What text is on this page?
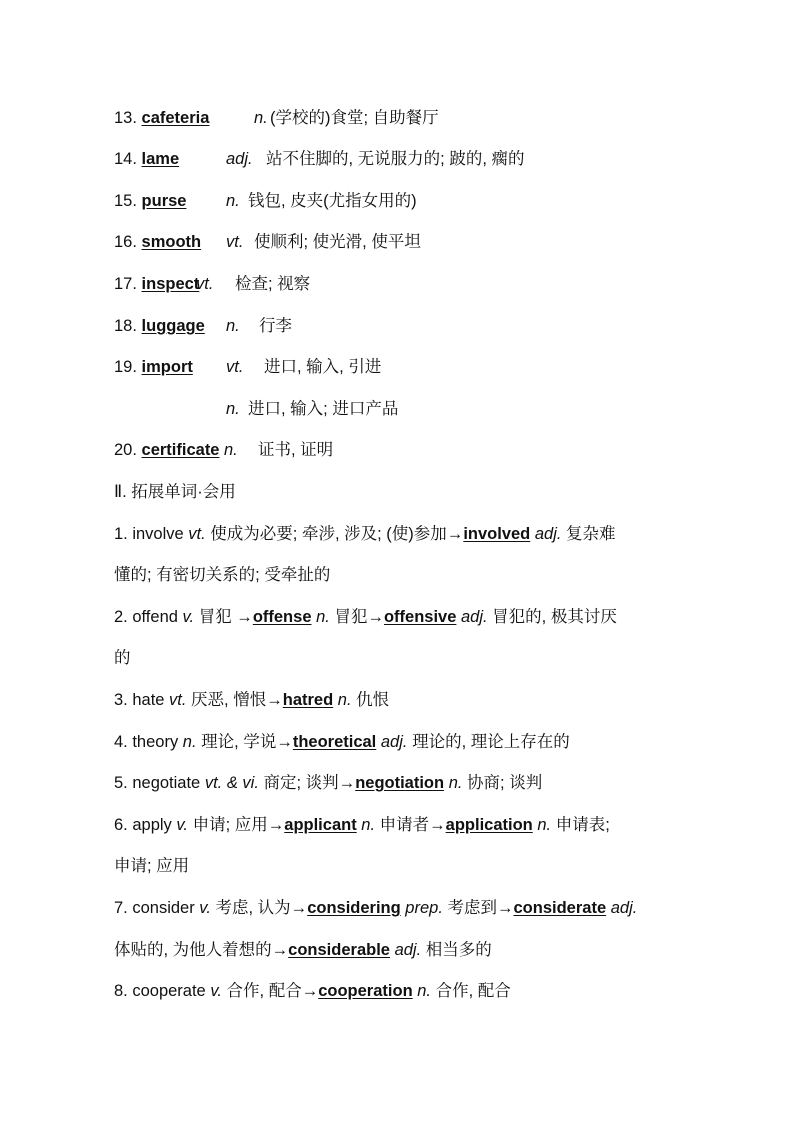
13. cafeteria	n. (学校的)食堂; 自助餐厅
14. lame	adj. 站不住脚的, 无说服力的; 跛的, 瘸的
15. purse n. 钱包, 皮夹(尤指女用的)
16. smooth vt. 使顺利; 使光滑, 使平坦
17. inspect
vt. 检查; 视察
18. luggage n. 行李
19. import vt. 进口, 输入, 引进
n. 进口, 输入; 进口产品
20. certificate n. 证书, 证明
Ⅱ. 拓展单词·会用
1. involve vt. 使成为必要; 牵涉, 涉及; (使)参加→involved adj. 复杂难
懂的; 有密切关系的; 受牵扯的
2. offend v. 冒犯 →offense n. 冒犯→offensive adj. 冒犯的, 极其讨厌
的
3. hate vt. 厌恶, 憎恨→hatred n. 仇恨
4. theory n. 理论, 学说→theoretical adj. 理论的, 理论上存在的
5. negotiate vt. & vi. 商定; 谈判→negotiation n. 协商; 谈判
6. apply v. 申请; 应用→applicant n. 申请者→application n. 申请表;
申请; 应用
7. consider v. 考虑, 认为→considering prep. 考虑到→considerate adj.
体贴的, 为他人着想的→considerable adj. 相当多的
8. cooperate v. 合作, 配合→cooperation n. 合作, 配合
